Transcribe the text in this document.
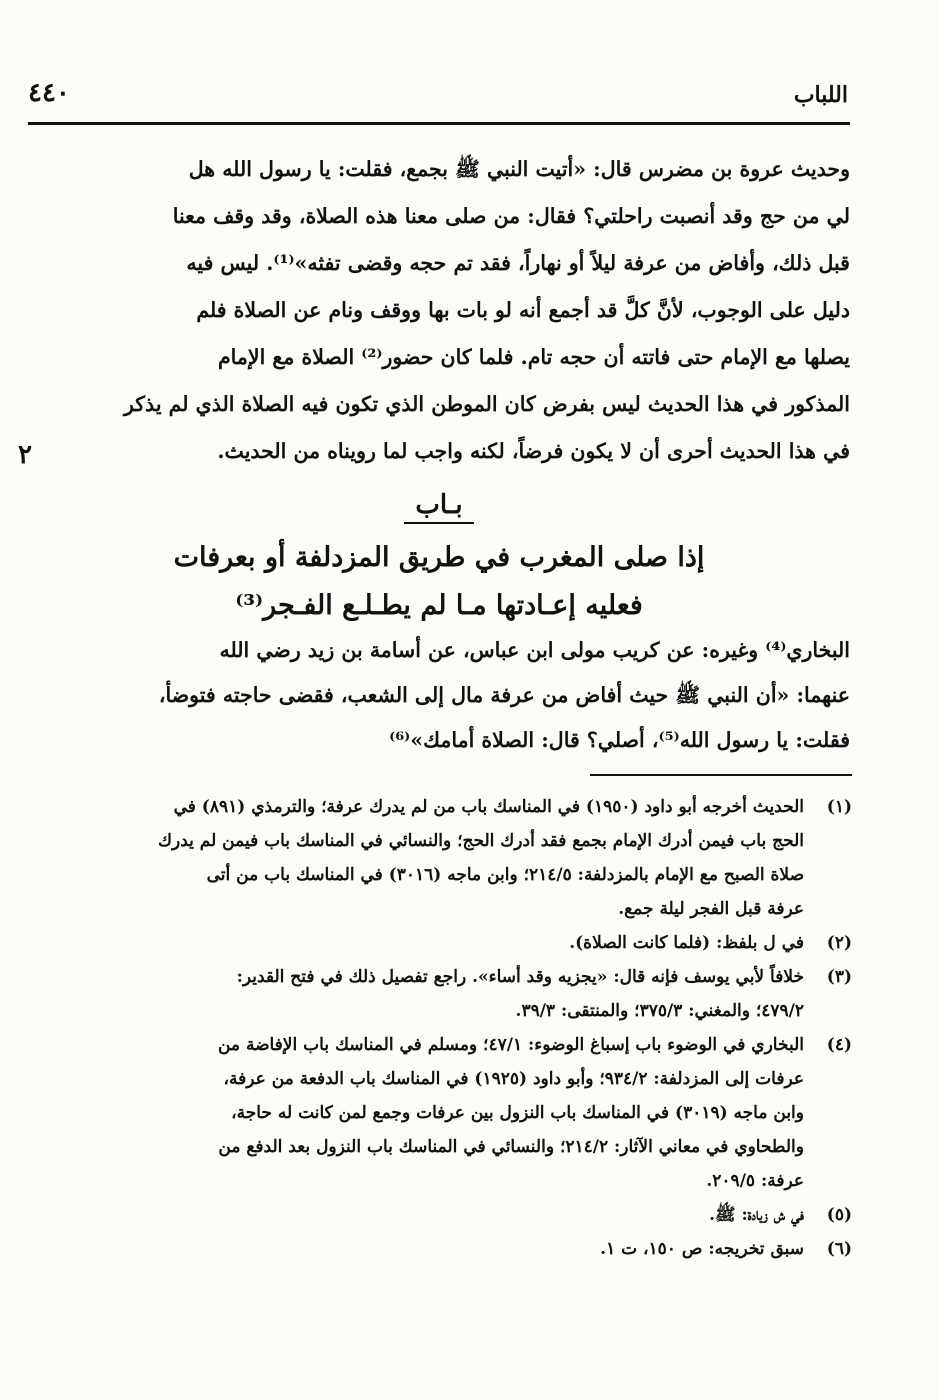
اللباب
٤٤٠

وحديث عروة بن مضرس قال: «أتيت النبي ﷺ بجمع، فقلت: يا رسول الله هل

لي من حج وقد أنصبت راحلتي؟ فقال: من صلى معنا هذه الصلاة، وقد وقف معنا

قبل ذلك، وأفاض من عرفة ليلاً أو نهاراً، فقد تم حجه وقضى تفثه»⁽¹⁾. ليس فيه

دليل على الوجوب، لأنَّ كلَّ قد أجمع أنه لو بات بها ووقف ونام عن الصلاة فلم

يصلها مع الإمام حتى فاتته أن حجه تام. فلما كان حضور⁽²⁾ الصلاة مع الإمام

المذكور في هذا الحديث ليس بفرض كان الموطن الذي تكون فيه الصلاة الذي لم يذكر

في هذا الحديث أحرى أن لا يكون فرضاً، لكنه واجب لما رويناه من الحديث.

٢
بـاب
إذا صلى المغرب في طريق المزدلفة أو بعرفات
فعليه إعـادتها مـا لم يطـلـع الفـجر⁽³⁾

البخاري⁽⁴⁾ وغيره: عن كريب مولى ابن عباس، عن أسامة بن زيد رضي الله

عنهما: «أن النبي ﷺ حيث أفاض من عرفة مال إلى الشعب، فقضى حاجته فتوضأ،

فقلت: يا رسول الله⁽⁵⁾، أصلي؟ قال: الصلاة أمامك»⁽⁶⁾

(١)
الحديث أخرجه أبو داود (١٩٥٠) في المناسك باب من لم يدرك عرفة؛ والترمذي (٨٩١) في
الحج باب فيمن أدرك الإمام بجمع فقد أدرك الحج؛ والنسائي في المناسك باب فيمن لم يدرك
صلاة الصبح مع الإمام بالمزدلفة: ٢١٤/٥؛ وابن ماجه (٣٠١٦) في المناسك باب من أتى
عرفة قبل الفجر ليلة جمع.
(٢)
في ل بلفظ: (فلما كانت الصلاة).
(٣)
خلافاً لأبي يوسف فإنه قال: «يجزيه وقد أساء». راجع تفصيل ذلك في فتح القدير:
٤٧٩/٢؛ والمغني: ٣٧٥/٣؛ والمنتقى: ٣٩/٣.
(٤)
البخاري في الوضوء باب إسباغ الوضوء: ٤٧/١؛ ومسلم في المناسك باب الإفاضة من
عرفات إلى المزدلفة: ٩٣٤/٢؛ وأبو داود (١٩٢٥) في المناسك باب الدفعة من عرفة،
وابن ماجه (٣٠١٩) في المناسك باب النزول بين عرفات وجمع لمن كانت له حاجة،
والطحاوي في معاني الآثار: ٢١٤/٢؛ والنسائي في المناسك باب النزول بعد الدفع من
عرفة: ٢٠٩/٥.
(٥)
في ش زيادة: ﷺ.
(٦)
سبق تخريجه: ص ١٥٠، ت ١.
